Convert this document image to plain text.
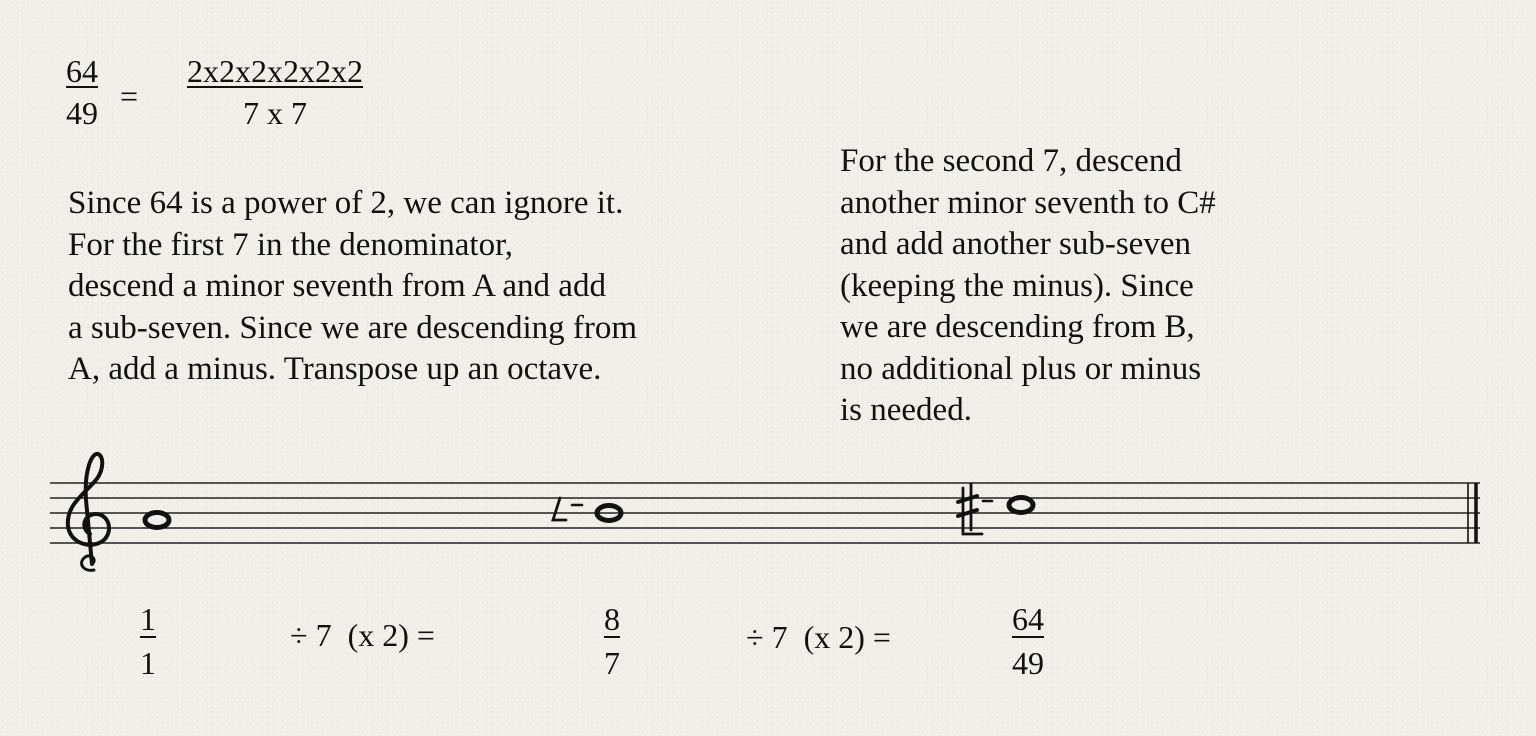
$\frac{64}{49} = \frac{2x2x2x2x2x2}{7 x 7}$
Since 64 is a power of 2, we can ignore it.
For the first 7 in the denominator,
descend a minor seventh from A and add
a sub-seven. Since we are descending from
A, add a minus. Transpose up an octave.
For the second 7, descend
another minor seventh to C#
and add another sub-seven
(keeping the minus). Since
we are descending from B,
no additional plus or minus
is needed.
$\frac{1}{1}$	÷ 7  (x 2) =	$\frac{8}{7}$	÷ 7  (x 2) =	$\frac{64}{49}$
